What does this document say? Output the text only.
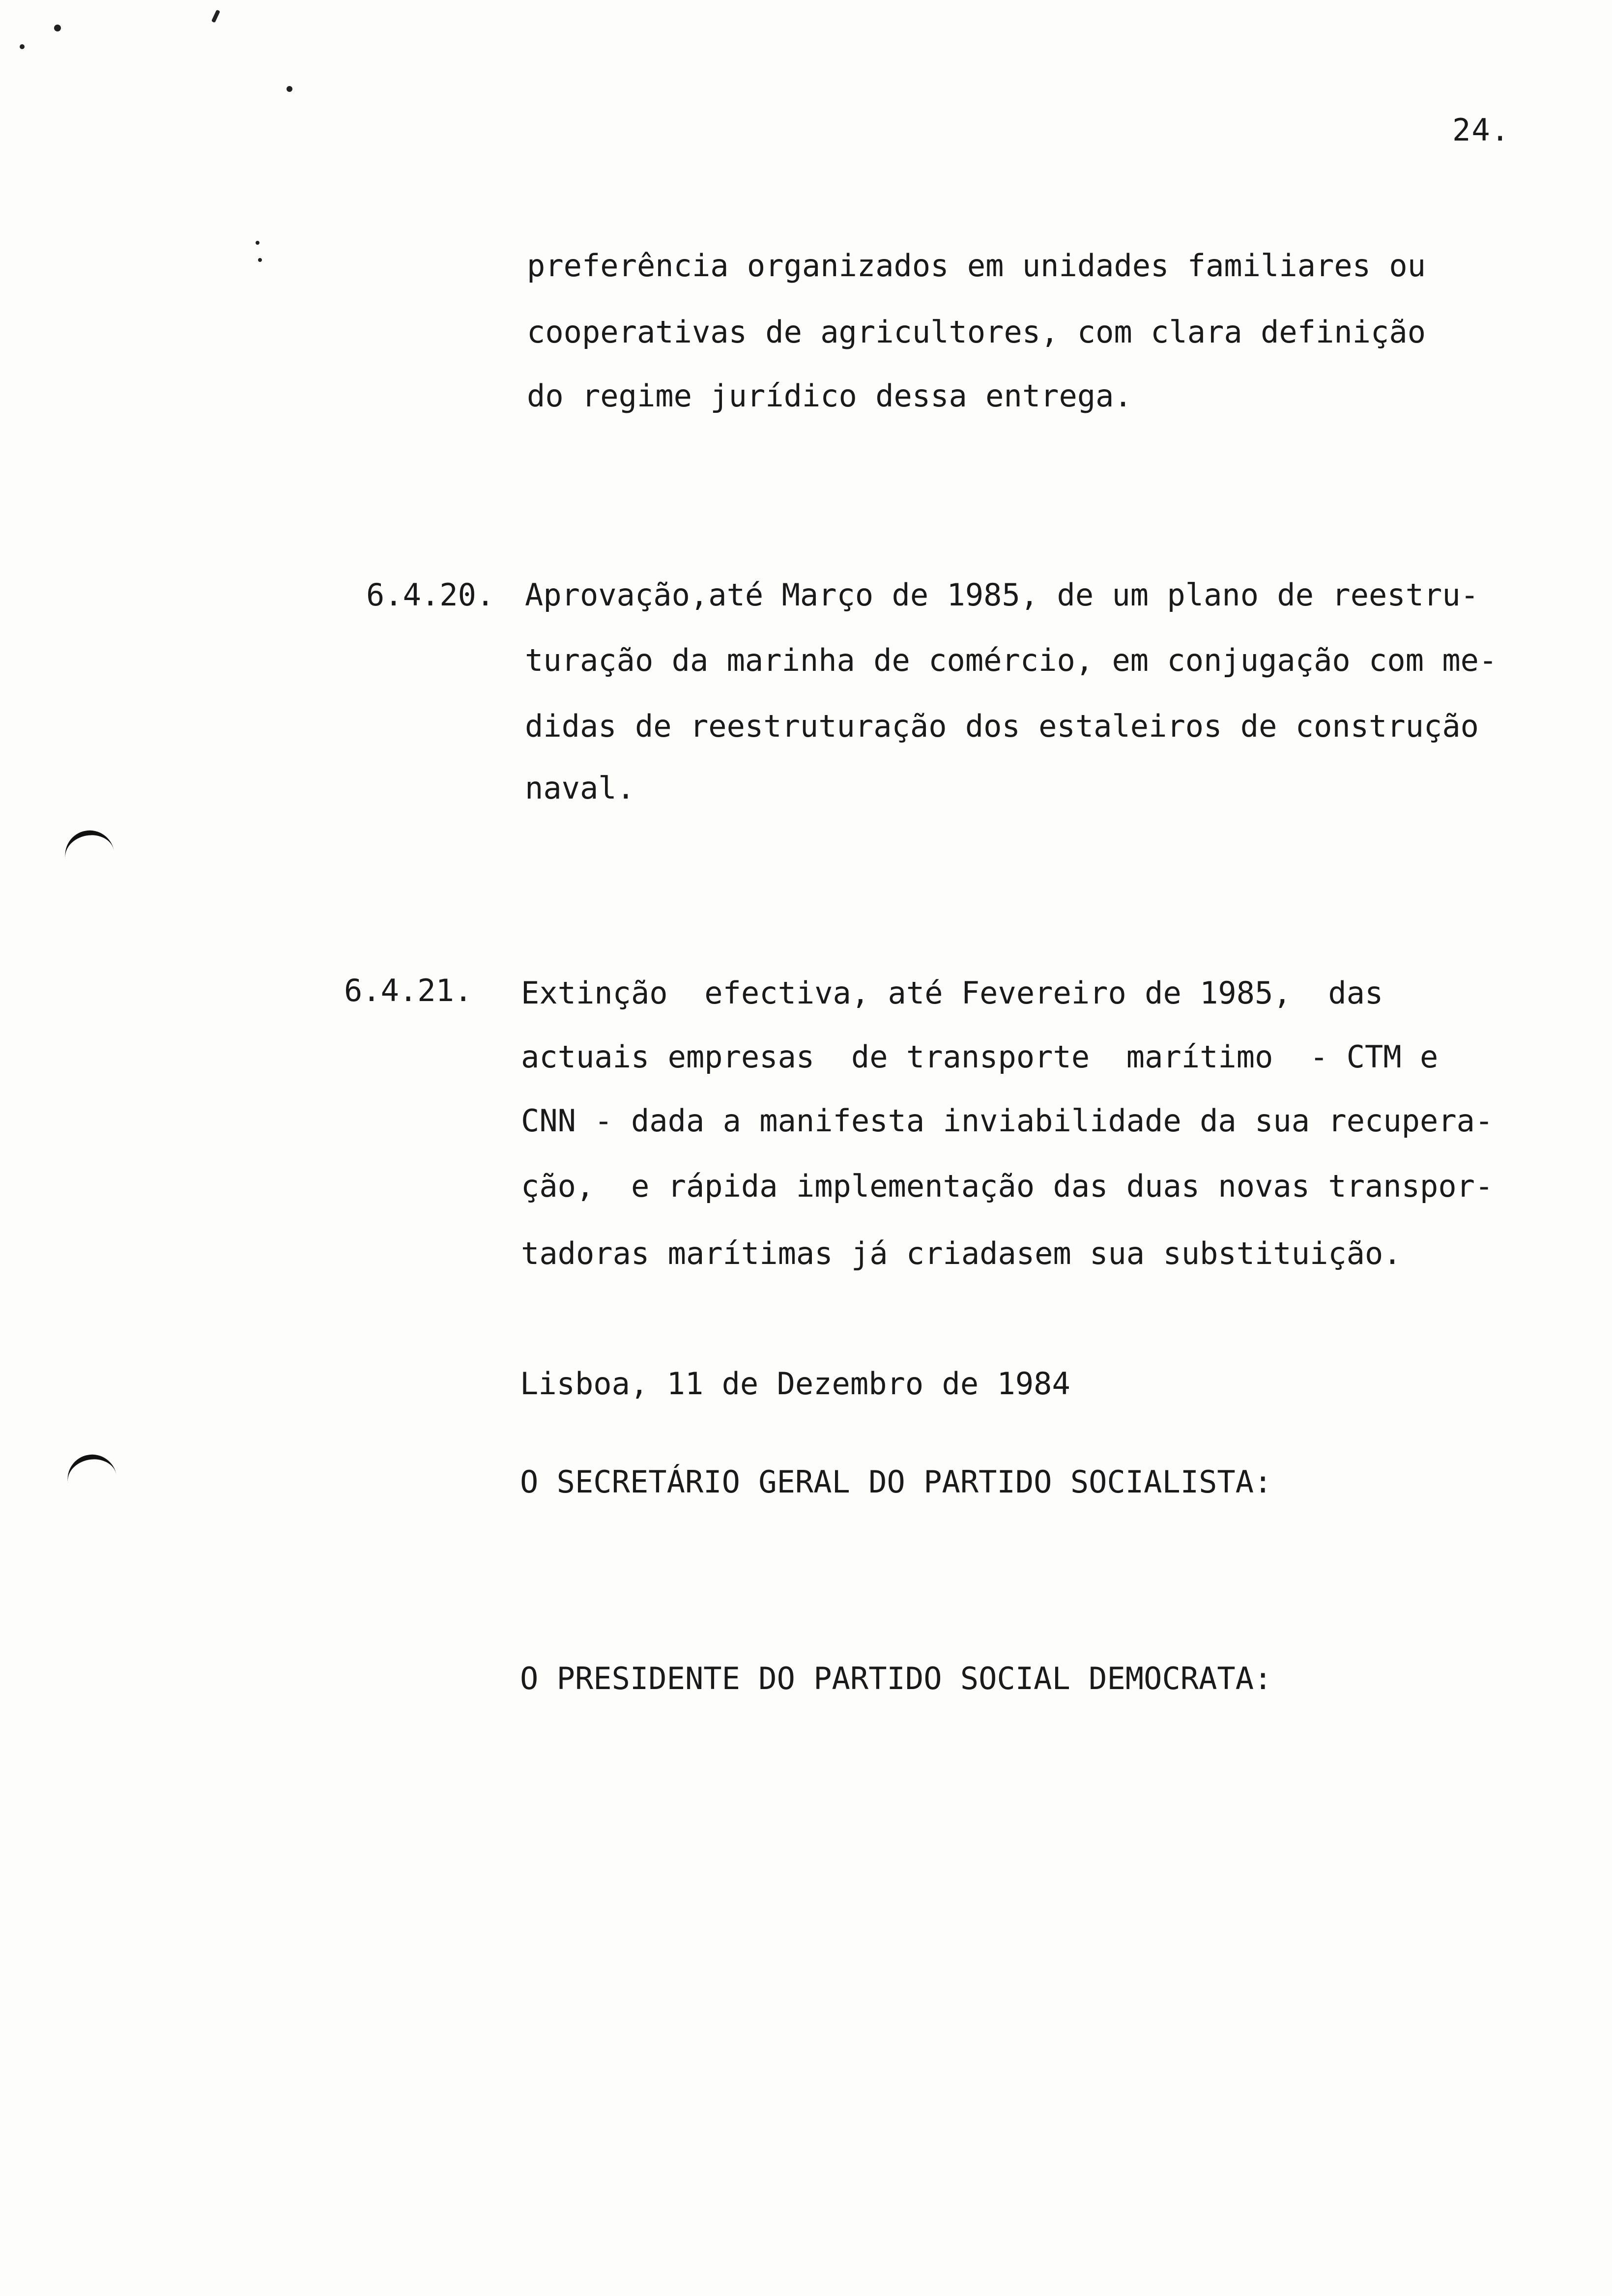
24.
preferência organizados em unidades familiares ou
cooperativas de agricultores, com clara definição
do regime jurídico dessa entrega.
6.4.20. Aprovação,até Março de 1985, de um plano de reestru-
turação da marinha de comércio, em conjugação com me-
didas de reestruturação dos estaleiros de construção
naval.
6.4.21. Extinção  efectiva, até Fevereiro de 1985,  das
actuais empresas  de transporte  marítimo  - CTM e
CNN - dada a manifesta inviabilidade da sua recupera-
ção,  e rápida implementação das duas novas transpor-
tadoras marítimas já criadasem sua substituição.
Lisboa, 11 de Dezembro de 1984
O SECRETÁRIO GERAL DO PARTIDO SOCIALISTA:
O PRESIDENTE DO PARTIDO SOCIAL DEMOCRATA:
